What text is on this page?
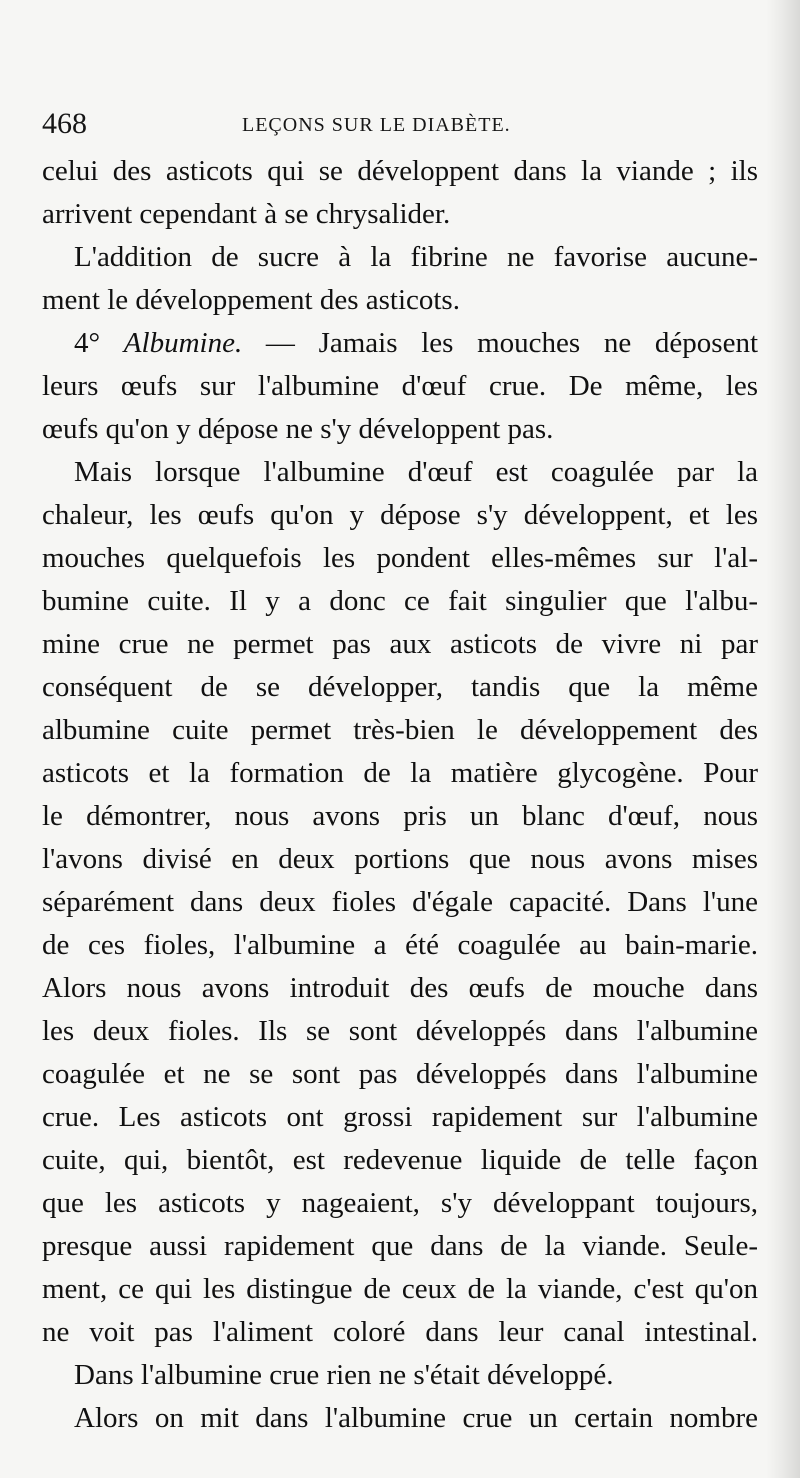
468	LEÇONS SUR LE DIABÈTE.
celui des asticots qui se développent dans la viande ; ils
arrivent cependant à se chrysalider.
L'addition de sucre à la fibrine ne favorise aucune-
ment le développement des asticots.
4° Albumine. — Jamais les mouches ne déposent
leurs œufs sur l'albumine d'œuf crue. De même, les
œufs qu'on y dépose ne s'y développent pas.
Mais lorsque l'albumine d'œuf est coagulée par la
chaleur, les œufs qu'on y dépose s'y développent, et les
mouches quelquefois les pondent elles-mêmes sur l'al-
bumine cuite. Il y a donc ce fait singulier que l'albu-
mine crue ne permet pas aux asticots de vivre ni par
conséquent de se développer, tandis que la même
albumine cuite permet très-bien le développement des
asticots et la formation de la matière glycogène. Pour
le démontrer, nous avons pris un blanc d'œuf, nous
l'avons divisé en deux portions que nous avons mises
séparément dans deux fioles d'égale capacité. Dans l'une
de ces fioles, l'albumine a été coagulée au bain-marie.
Alors nous avons introduit des œufs de mouche dans
les deux fioles. Ils se sont développés dans l'albumine
coagulée et ne se sont pas développés dans l'albumine
crue. Les asticots ont grossi rapidement sur l'albumine
cuite, qui, bientôt, est redevenue liquide de telle façon
que les asticots y nageaient, s'y développant toujours,
presque aussi rapidement que dans de la viande. Seule-
ment, ce qui les distingue de ceux de la viande, c'est qu'on
ne voit pas l'aliment coloré dans leur canal intestinal.
Dans l'albumine crue rien ne s'était développé.
Alors on mit dans l'albumine crue un certain nombre
